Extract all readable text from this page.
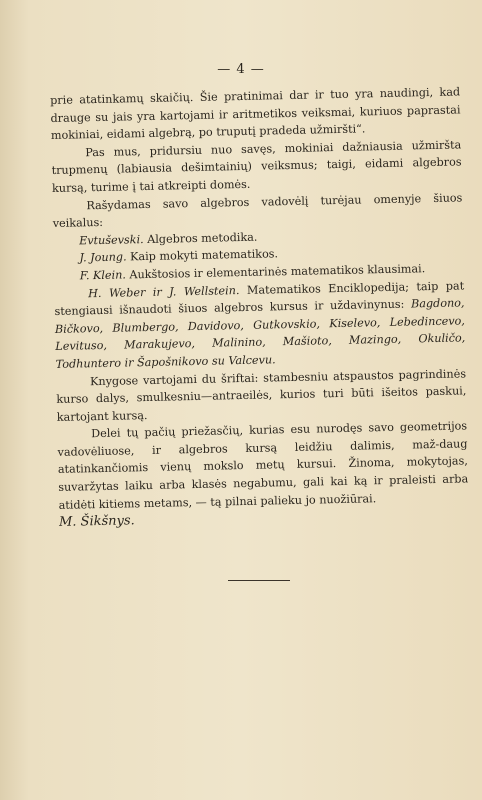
— 4 —

prie atatinkamų skaičių. Šie pratinimai dar ir tuo yra naudingi, kad drauge su jais yra kartojami ir aritmetikos veiksmai, kuriuos paprastai mokiniai, eidami algebrą, po truputį pradeda užmiršti“.

Pas mus, pridursiu nuo savęs, mokiniai dažniausia užmiršta trupmenų (labiausia dešimtainių) veiksmus; taigi, eidami algebros kursą, turime į tai atkreipti domės.

Rašydamas savo algebros vadovėlį turėjau omenyje šiuos veikalus:

Evtuševski. Algebros metodika.
J. Joung. Kaip mokyti matematikos.
F. Klein. Aukštosios ir elementarinės matematikos klausimai.

H. Weber ir J. Wellstein. Matematikos Enciklopedija; taip pat stengiausi išnaudoti šiuos algebros kursus ir uždavinynus: Bagdono, Bičkovo, Blumbergo, Davidovo, Gutkovskio, Kiselevo, Lebedincevo, Levituso, Marakujevo, Malinino, Mašioto, Mazingo, Okuličo, Todhuntero ir Šapošnikovo su Valcevu.

Knygose vartojami du šriftai: stambesniu atspaustos pagrindinės kurso dalys, smulkesniu—antraeilės, kurios turi būti išeitos paskui, kartojant kursą.

Delei tų pačių priežasčių, kurias esu nurodęs savo geometrijos vadovėliuose, ir algebros kursą leidžiu dalimis, maž-daug atatinkančiomis vienų mokslo metų kursui. Žinoma, mokytojas, suvaržytas laiku arba klasės negabumu, gali kai ką ir praleisti arba atidėti kitiems metams, — tą pilnai palieku jo nuožiūrai.

M. Šikšnys.
